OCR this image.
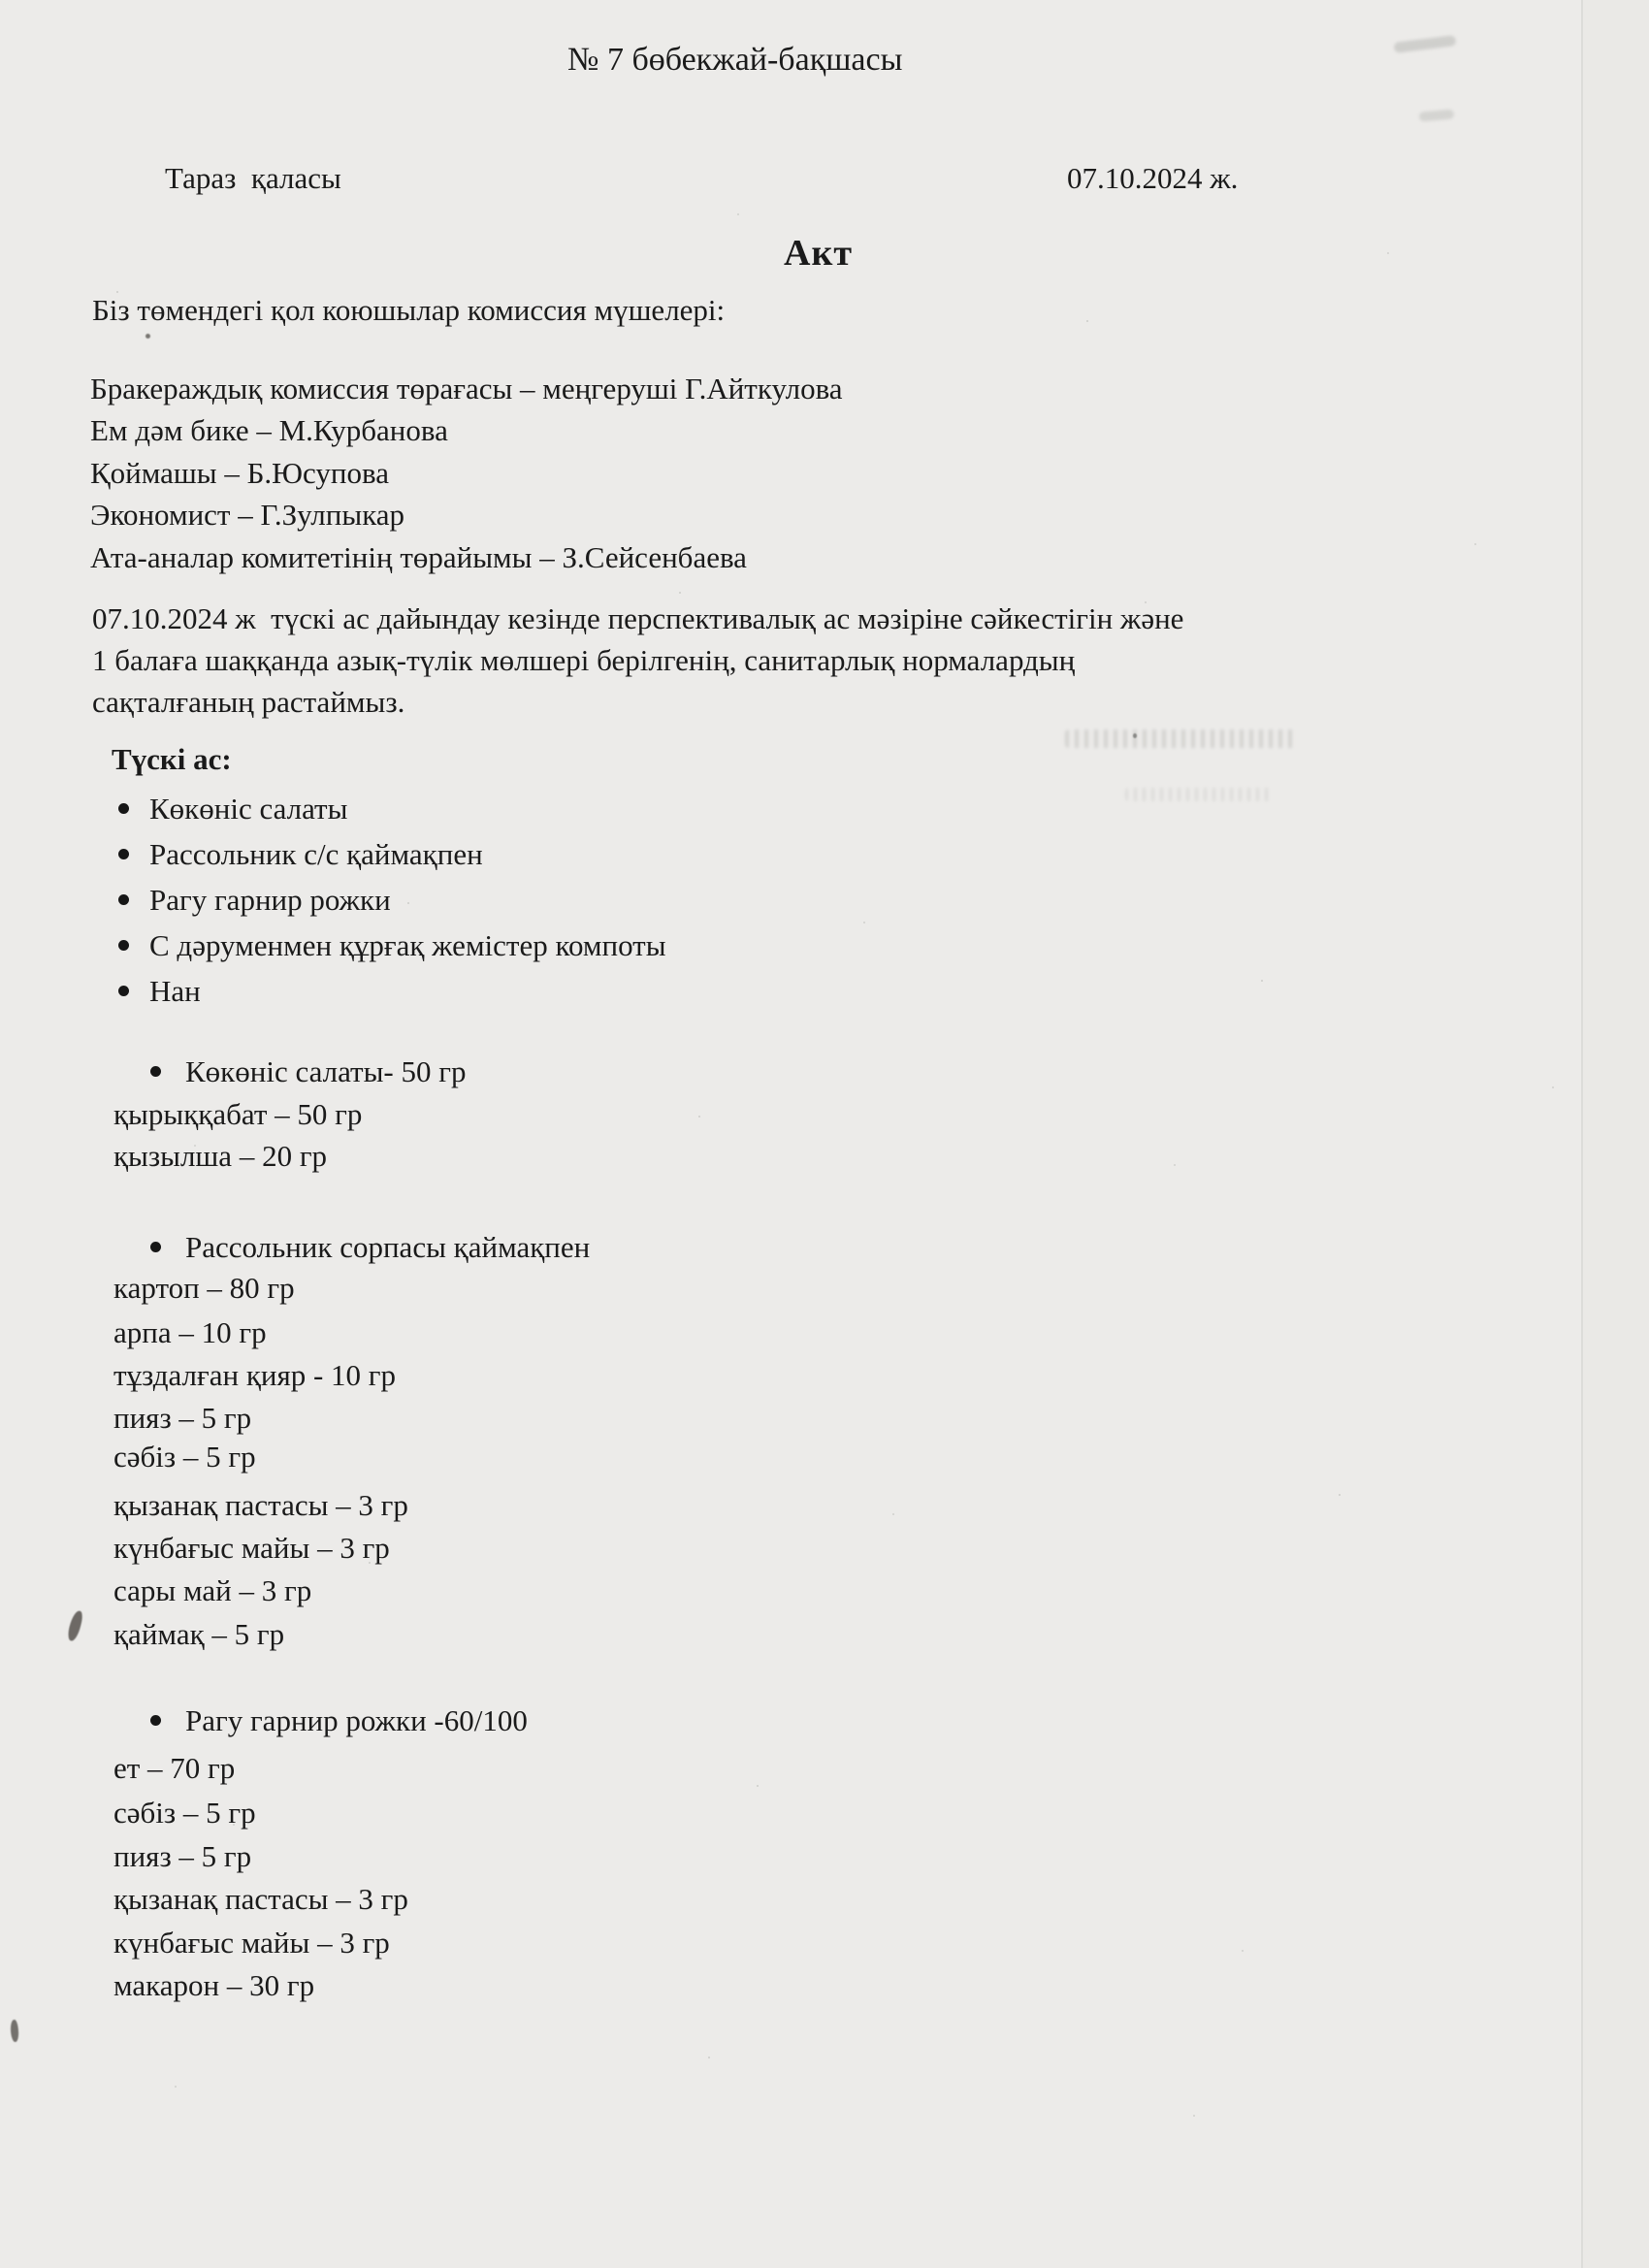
№ 7 бөбекжай-бақшасы
Тараз  қаласы	07.10.2024 ж.
Акт
Біз төмендегі қол коюшылар комиссия мүшелері:
Бракераждық комиссия төрағасы – меңгеруші Г.Айткулова
Ем дәм бике – М.Курбанова
Қоймашы – Б.Юсупова
Экономист – Г.Зулпыкар
Ата-аналар комитетінің төрайымы – З.Сейсенбаева
07.10.2024 ж  түскі ас дайындау кезінде перспективалық ас мәзіріне сәйкестігін және
1 балаға шаққанда азық-түлік мөлшері берілгенің, санитарлық нормалардың
сақталғаның растаймыз.
Түскі ас:
Көкөніс салаты
Рассольник с/с қаймақпен
Рагу гарнир рожки
С дәруменмен құрғақ жемістер компоты
Нан
Көкөніс салаты- 50 гр
қырыққабат – 50 гр
қызылша – 20 гр
Рассольник сорпасы қаймақпен
картоп – 80 гр
арпа – 10 гр
тұздалған қияр - 10 гр
пияз – 5 гр
сәбіз – 5 гр
қызанақ пастасы – 3 гр
күнбағыс майы – 3 гр
сары май – 3 гр
қаймақ – 5 гр
Рагу гарнир рожки -60/100
ет – 70 гр
сәбіз – 5 гр
пияз – 5 гр
қызанақ пастасы – 3 гр
күнбағыс майы – 3 гр
макарон – 30 гр
